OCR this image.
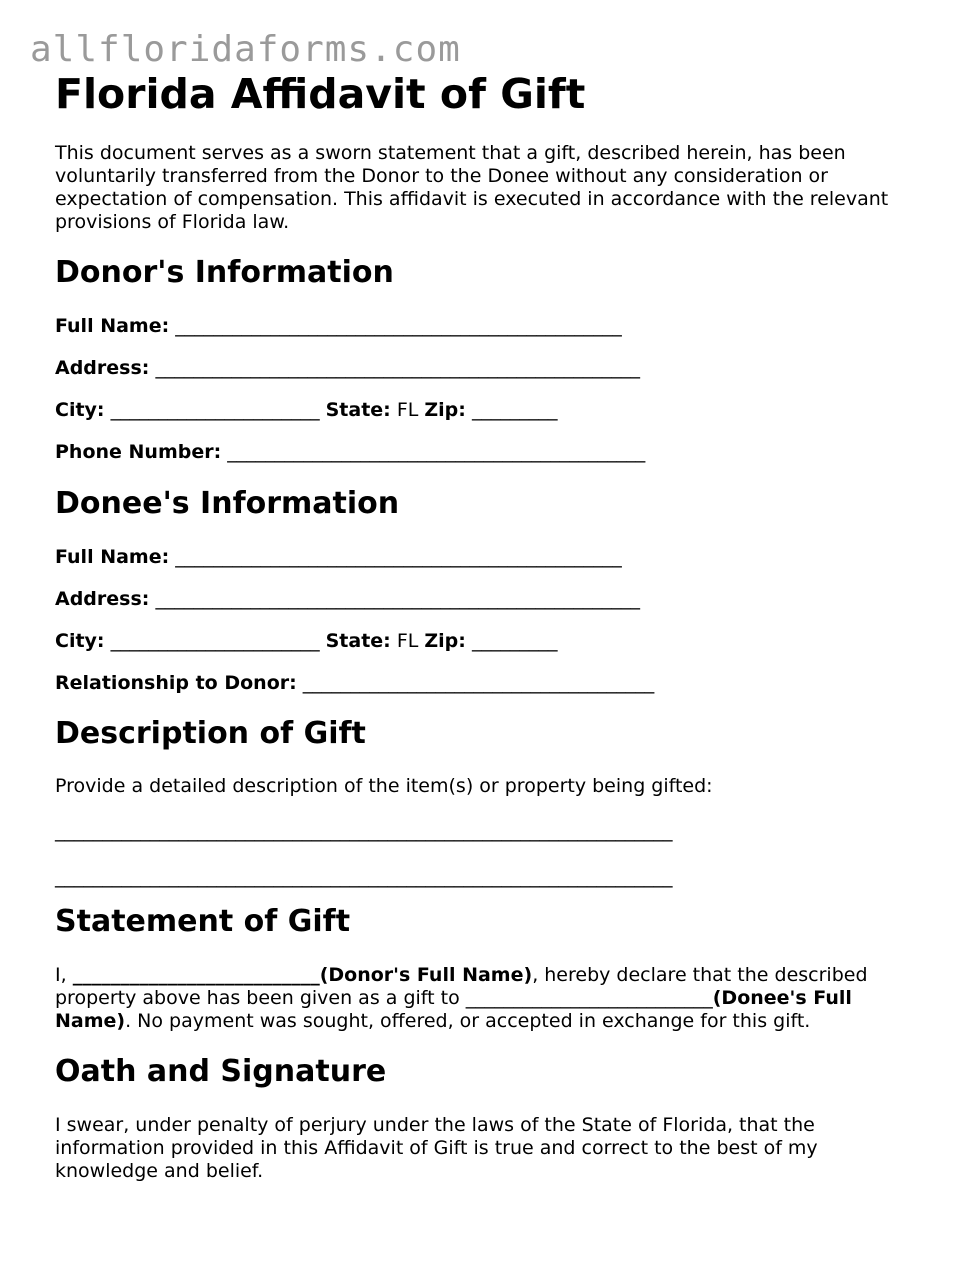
allfloridaforms.com
Florida Affidavit of Gift

This document serves as a sworn statement that a gift, described herein, has been voluntarily transferred from the Donor to the Donee without any consideration or expectation of compensation. This affidavit is executed in accordance with the relevant provisions of Florida law.

Donor's Information
Full Name: _______________________________________________
Address: ___________________________________________________
City: ______________________ State: FL Zip: _________
Phone Number: ____________________________________________
Donee's Information
Full Name: _______________________________________________
Address: ___________________________________________________
City: ______________________ State: FL Zip: _________
Relationship to Donor: _____________________________________
Description of Gift

Provide a detailed description of the item(s) or property being gifted:

_________________________________________________________________
_________________________________________________________________
Statement of Gift

I, __________________________(Donor's Full Name), hereby declare that the described property above has been given as a gift to __________________________(Donee's Full Name). No payment was sought, offered, or accepted in exchange for this gift.

Oath and Signature

I swear, under penalty of perjury under the laws of the State of Florida, that the information provided in this Affidavit of Gift is true and correct to the best of my knowledge and belief.
